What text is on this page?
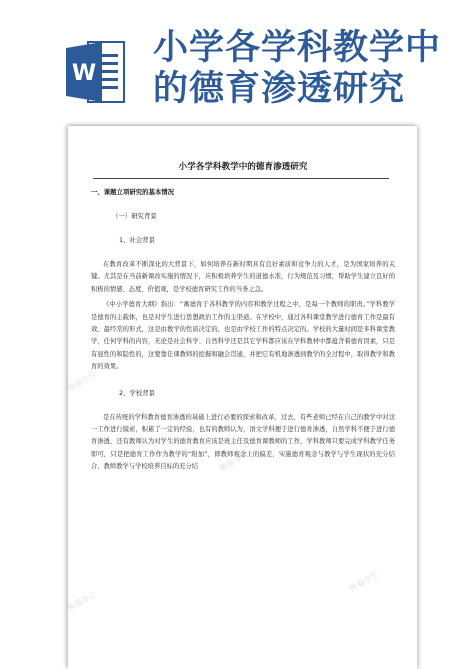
W
小学各学科教学中
的德育渗透研究
熊猫办公
熊猫办公
熊猫办公
熊猫办公
熊猫办公
小学各学科教学中的德育渗透研究
一、课题立项研究的基本情况
（一）研究背景
1、社会背景
在教育改革不断深化的大背景下，如何培养在新时期具有良好素质和竞争力的人才，是为国家培养的关键。尤其是在当前新课改实施的情况下，应积极培养学生的道德水准，行为规范及习惯，帮助学生建立良好的积极的情感、态度、价值观，是学校德育研究工作的当务之急。
《中小学德育大纲》指出：“寓德育于各科教学的内容和教学过程之中，是每一个教师的职责。”学科教学是德育的主载体，也是对学生进行思想政治工作的主渠道。在学校中，通过各科课堂教学进行德育工作是最有效、最经常的形式，这是由教学的性质决定的，也是由学校工作的特点决定的。学校的大量时间是多科课堂教学，任何学科的内容，无论是社会科学、自然科学还是其它学科都应该在学科教材中都蕴含着德育因素，只是有显性的和隐性的，这要靠任课教师的挖掘和融会贯通，并把它有机地渗透到教学的全过程中，取得教学和教育的效果。
2、学校背景
是在传统的学科教育德育渗透的基础上进行必要的探索和改革，过去，有些老师已经在自己的教学中对这一工作进行摸索，积累了一定的经验，也有的教师认为，语文学科便于进行德育渗透，自然学科不便于进行德育渗透，还有教师认为对学生的德育教育应该是班主任及德育课教师的工作，学科教师只要完成学科教学任务即可，只是把德育工作作为教学的“附加”，即教师观念上的偏差，实施德育观念与教学与学生现状的充分结合，教师教学与学校培养目标的充分结
